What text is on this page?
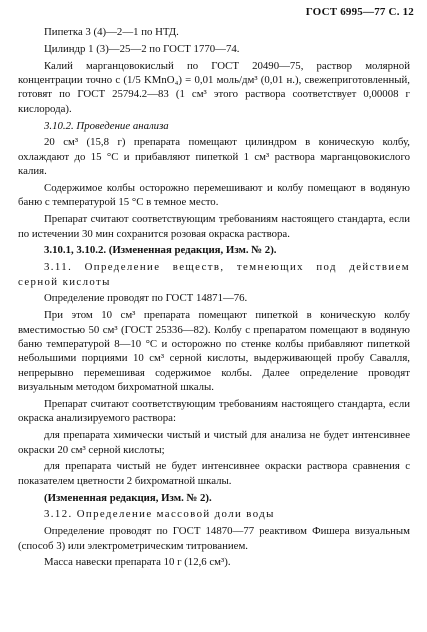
ГОСТ 6995—77 С. 12

Пипетка 3 (4)—2—1 по НТД.

Цилиндр 1 (3)—25—2 по ГОСТ 1770—74.

Калий марганцовокислый по ГОСТ 20490—75, раствор молярной концентрации точно с (1/5 KMnO₄) = 0,01 моль/дм³ (0,01 н.), свежеприготовленный, готовят по ГОСТ 25794.2—83 (1 см³ этого раствора соответствует 0,00008 г кислорода).

3.10.2. Проведение анализа

20 см³ (15,8 г) препарата помещают цилиндром в коническую колбу, охлаждают до 15 °С и прибавляют пипеткой 1 см³ раствора марганцовокислого калия.

Содержимое колбы осторожно перемешивают и колбу помещают в водяную баню с температурой 15 °С в темное место.

Препарат считают соответствующим требованиям настоящего стандарта, если по истечении 30 мин сохранится розовая окраска раствора.

3.10.1, 3.10.2. (Измененная редакция, Изм. № 2).

3.11. Определение веществ, темнеющих под действием серной кислоты

Определение проводят по ГОСТ 14871—76.

При этом 10 см³ препарата помещают пипеткой в коническую колбу вместимостью 50 см³ (ГОСТ 25336—82). Колбу с препаратом помещают в водяную баню температурой 8—10 °С и осторожно по стенке колбы прибавляют пипеткой небольшими порциями 10 см³ серной кислоты, выдерживающей пробу Савалля, непрерывно перемешивая содержимое колбы. Далее определение проводят визуальным методом бихроматной шкалы.

Препарат считают соответствующим требованиям настоящего стандарта, если окраска анализируемого раствора:

для препарата химически чистый и чистый для анализа не будет интенсивнее окраски 20 см³ серной кислоты;

для препарата чистый не будет интенсивнее окраски раствора сравнения с показателем цветности 2 бихроматной шкалы.

(Измененная редакция, Изм. № 2).

3.12. Определение массовой доли воды

Определение проводят по ГОСТ 14870—77 реактивом Фишера визуальным (способ 3) или электрометрическим титрованием.

Масса навески препарата 10 г (12,6 см³).
